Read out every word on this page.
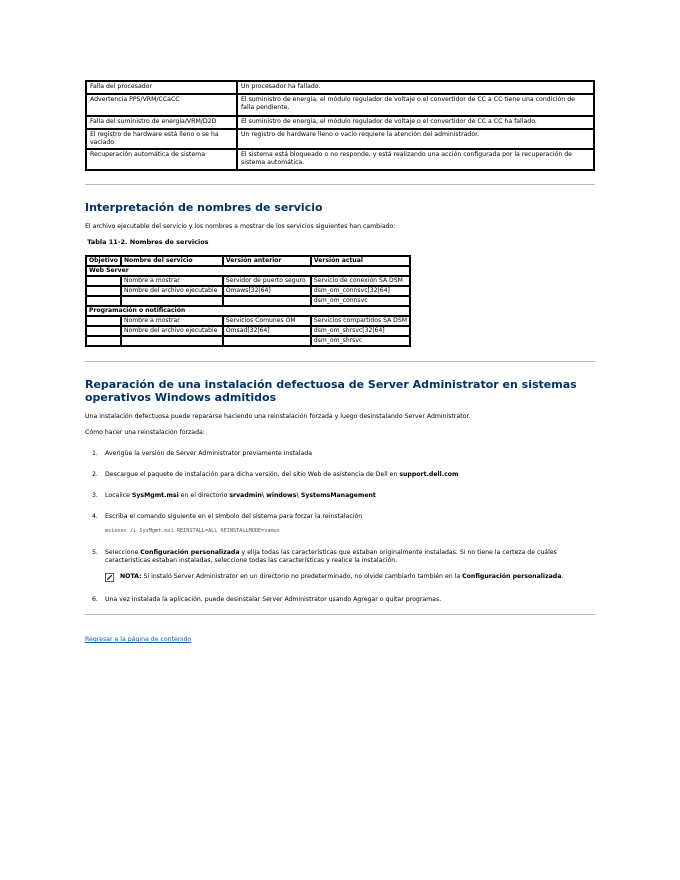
Falla del procesador	Un procesador ha fallado.
Advertencia PPS/VRM/CCaCC	El suministro de energía, el módulo regulador de voltaje o el convertidor de CC a CC tiene una condición de falla pendiente.
Falla del suministro de energía/VRM/D2D	El suministro de energía, el módulo regulador de voltaje o el convertidor de CC a CC ha fallado.
El registro de hardware está lleno o se ha vaciado	Un registro de hardware lleno o vacío requiere la atención del administrador.
Recuperación automática de sistema	El sistema está bloqueado o no responde, y está realizando una acción configurada por la recuperación de sistema automática.
Interpretación de nombres de servicio

El archivo ejecutable del servicio y los nombres a mostrar de los servicios siguientes han cambiado:

Tabla 11-2. Nombres de servicios

Objetivo	Nombre del servicio	Versión anterior	Versión actual
Web Server			
	Nombre a mostrar	Servidor de puerto seguro	Servicio de conexión SA DSM
	Nombre del archivo ejecutable	Omaws[32|64]	dsm_om_connsvc[32|64]
			dsm_om_connsvc
Programación o notificación			
	Nombre a mostrar	Servicios Comunes OM	Servicios compartidos SA DSM
	Nombre del archivo ejecutable	Omsad[32|64]	dsm_om_shrsvc[32|64]
			dsm_om_shrsvc
Reparación de una instalación defectuosa de Server Administrator en sistemas operativos Windows admitidos

Una instalación defectuosa puede repararse haciendo una reinstalación forzada y luego desinstalando Server Administrator.

Cómo hacer una reinstalación forzada:

1. Averigüe la versión de Server Administrator previamente instalada
2. Descargue el paquete de instalación para dicha versión, del sitio Web de asistencia de Dell en support.dell.com
3. Localice SysMgmt.msi en el directorio srvadmin\ windows\ SystemsManagement
4. Escriba el comando siguiente en el símbolo del sistema para forzar la reinstalación

msiexec /i SysMgmt.msi REINSTALL=ALL REINSTALLMODE=vamus

5. Seleccione Configuración personalizada y elija todas las características que estaban originalmente instaladas. Si no tiene la certeza de cuáles características estaban instaladas, seleccione todas las características y realice la instalación.
NOTA: Si instaló Server Administrator en un directorio no predeterminado, no olvide cambiarlo también en la Configuración personalizada.
6. Una vez instalada la aplicación, puede desinstalar Server Administrator usando Agregar o quitar programas.
Regresar a la página de contenido
